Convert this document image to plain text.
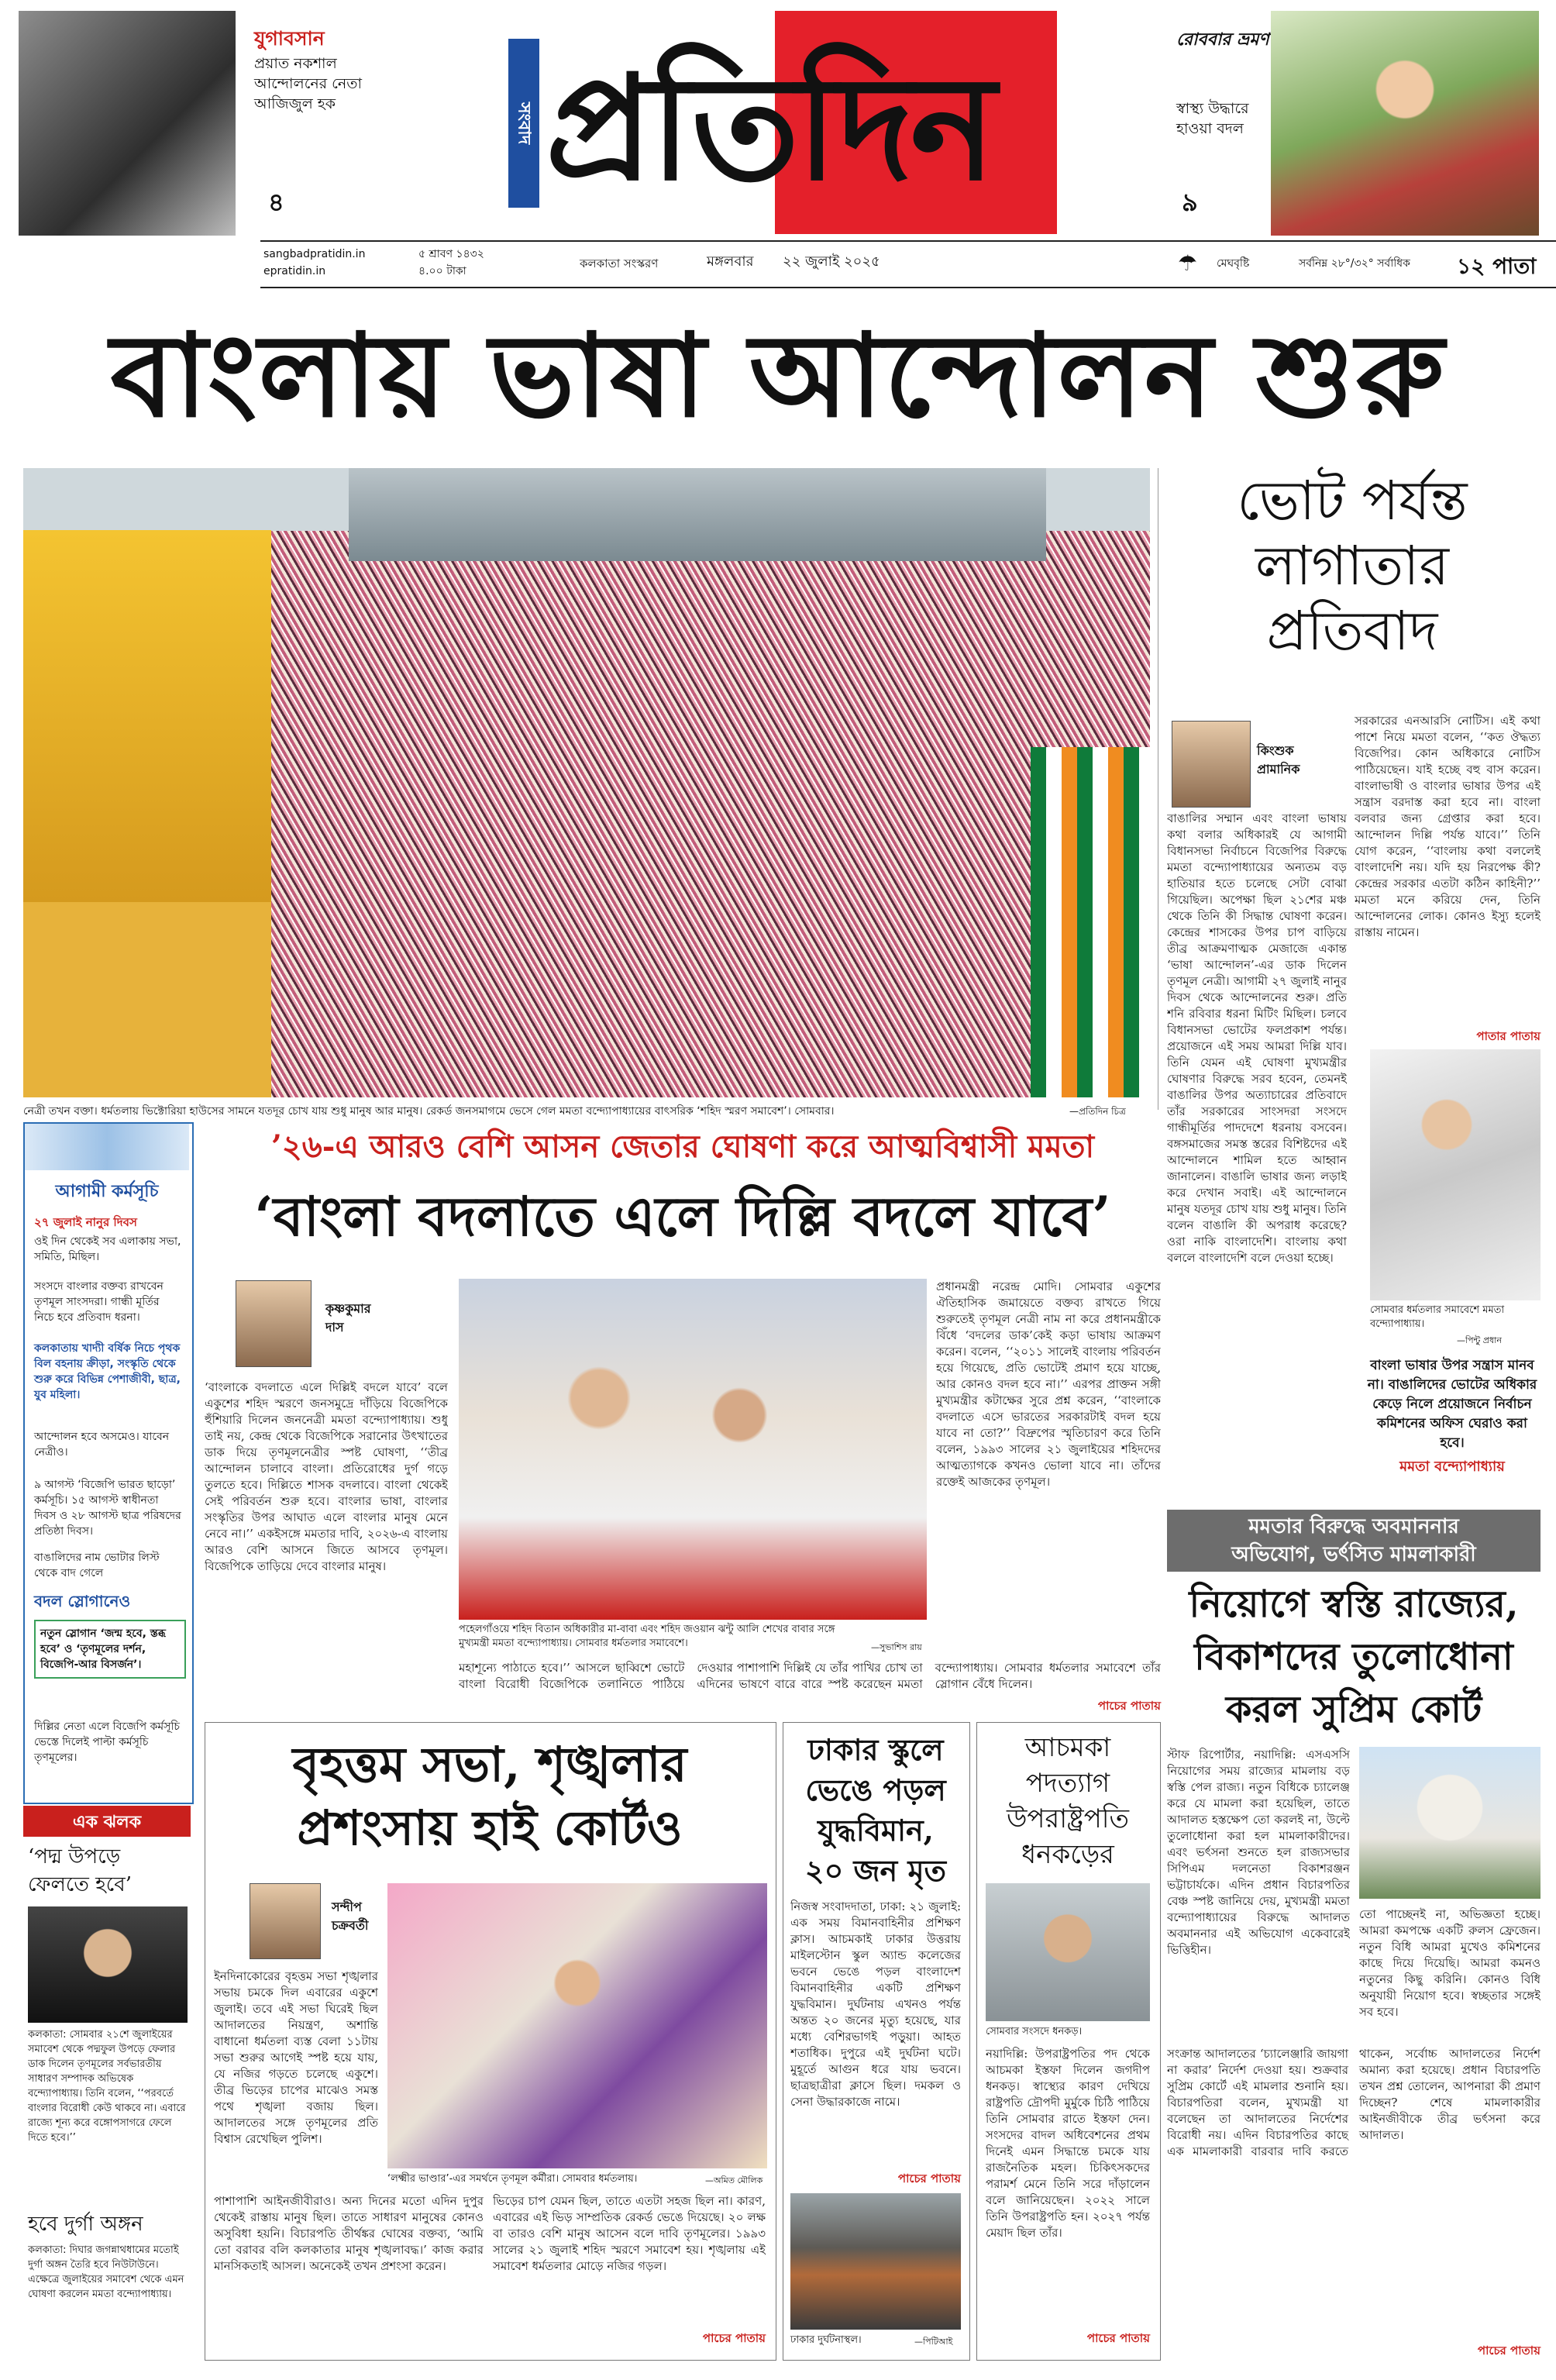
যুগাবসান
প্রয়াত নকশাল
আন্দোলনের নেতা
আজিজুল হক
৪
সংবাদ প্রতিদিন
রোববার ভ্রমণ
স্বাস্থ্য উদ্ধারে
হাওয়া বদল
৯
sangbadpratidin.in
epratidin.in
৫ শ্রাবণ ১৪৩২
৪.০০ টাকা
কলকাতা সংস্করণ	মঙ্গলবার ২২ জুলাই ২০২৫	☂ মেঘবৃষ্টি	সর্বনিম্ন ২৮°/৩২° সর্বাধিক ১২ পাতা
বাংলায় ভাষা আন্দোলন শুরু
নেত্রী তখন বক্তা। ধর্মতলায় ভিক্টোরিয়া হাউসের সামনে যতদূর চোখ যায় শুধু মানুষ আর মানুষ। রেকর্ড জনসমাগমে ভেসে গেল মমতা বন্দ্যোপাধ্যায়ের বাৎসরিক ‘শহিদ স্মরণ সমাবেশ’। সোমবার।	—প্রতিদিন চিত্র
ভোট পর্যন্ত
লাগাতার
প্রতিবাদ
কিংশুক
প্রামানিক
সরকারের এনআরসি নোটিস। এই কথা পাশে নিয়ে মমতা বলেন, ‘‘কত ঔদ্ধত্য বিজেপির। কোন অধিকারে নোটিস পাঠিয়েছেন। যাই হচ্ছে বহু বাস করেন। বাংলাভাষী ও বাংলার ভাষার উপর এই সন্ত্রাস বরদাস্ত করা হবে না। বাংলা বলবার জন্য গ্রেপ্তার করা হবে। আন্দোলন দিল্লি পর্যন্ত যাবে।’’ তিনি যোগ করেন, ‘‘বাংলায় কথা বললেই বাংলাদেশি নয়। যদি হয় নিরপেক্ষ কী? কেন্দ্রের সরকার এতটা কঠিন কাহিনী?’’ মমতা মনে করিয়ে দেন, তিনি আন্দোলনের লোক। কোনও ইস্যু হলেই রাস্তায় নামেন।
বাঙালির সম্মান এবং বাংলা ভাষায় কথা বলার অধিকারই যে আগামী বিধানসভা নির্বাচনে বিজেপির বিরুদ্ধে মমতা বন্দ্যোপাধ্যায়ের অন্যতম বড় হাতিয়ার হতে চলেছে সেটা বোঝা গিয়েছিল। অপেক্ষা ছিল ২১শের মঞ্চ থেকে তিনি কী সিদ্ধান্ত ঘোষণা করেন। কেন্দ্রের শাসকের উপর চাপ বাড়িয়ে তীব্র আক্রমণাত্মক মেজাজে একান্ত ‘ভাষা আন্দোলন’-এর ডাক দিলেন তৃণমূল নেত্রী। আগামী ২৭ জুলাই নানুর দিবস থেকে আন্দোলনের শুরু। প্রতি শনি রবিবার ধরনা মিটিং মিছিল। চলবে বিধানসভা ভোটের ফলপ্রকাশ পর্যন্ত। প্রয়োজনে এই সময় আমরা দিল্লি যাব। তিনি যেমন এই ঘোষণা মুখ্যমন্ত্রীর ঘোষণার বিরুদ্ধে সরব হবেন, তেমনই বাঙালির উপর অত্যাচারের প্রতিবাদে তাঁর সরকারের সাংসদরা সংসদে গান্ধীমূর্তির পাদদেশে ধরনায় বসবেন। বঙ্গসমাজের সমস্ত স্তরের বিশিষ্টদের এই আন্দোলনে শামিল হতে আহ্বান জানালেন। বাঙালি ভাষার জন্য লড়াই করে দেখান সবাই। এই আন্দোলনে মানুষ যতদূর চোখ যায় শুধু মানুষ। তিনি বলেন বাঙালি কী অপরাধ করেছে? ওরা নাকি বাংলাদেশি। বাংলায় কথা বললে বাংলাদেশি বলে দেওয়া হচ্ছে।
পাতার পাতায়
সোমবার ধর্মতলার সমাবেশে মমতা বন্দ্যোপাধ্যায়।
—পিন্টু প্রধান
বাংলা ভাষার উপর সন্ত্রাস মানব না। বাঙালিদের ভোটের অধিকার কেড়ে নিলে প্রয়োজনে নির্বাচন কমিশনের অফিস ঘেরাও করা হবে।
মমতা বন্দ্যোপাধ্যায়
আগামী কর্মসূচি
২৭ জুলাই নানুর দিবস
ওই দিন থেকেই সব এলাকায় সভা, সমিতি, মিছিল।
সংসদে বাংলার বক্তব্য রাখবেন তৃণমূল সাংসদরা। গান্ধী মূর্তির নিচে হবে প্রতিবাদ ধরনা।
কলকাতায় খাদ্যী বর্ষিক নিচে পৃথক বিল বহনায় ক্রীড়া, সংস্কৃতি থেকে শুরু করে বিভিন্ন পেশাজীবী, ছাত্র, যুব মহিলা।
আন্দোলন হবে অসমেও। যাবেন নেত্রীও।
৯ আগস্ট ‘বিজেপি ভারত ছাড়ো’ কর্মসূচি। ১৫ আগস্ট স্বাধীনতা দিবস ও ২৮ আগস্ট ছাত্র পরিষদের প্রতিষ্ঠা দিবস।
বাঙালিদের নাম ভোটার লিস্ট থেকে বাদ গেলে
বদল স্লোগানেও
নতুন স্লোগান ‘জন্ম হবে, স্তব্ধ হবে’ ও ‘তৃণমূলের দর্শন, বিজেপি-আর বিসর্জন’।
দিল্লির নেতা এলে বিজেপি কর্মসূচি ভেস্তে দিলেই পাল্টা কর্মসূচি তৃণমূলের।
এক ঝলক
‘পদ্ম উপড়ে ফেলতে হবে’
কলকাতা: সোমবার ২১শে জুলাইয়ের সমাবেশ থেকে পদ্মফুল উপড়ে ফেলার ডাক দিলেন তৃণমূলের সর্বভারতীয় সাধারণ সম্পাদক অভিষেক বন্দ্যোপাধ্যায়। তিনি বলেন, ‘‘পরবর্তে বাংলার বিরোধী কেউ থাকবে না। এবারে রাজ্যে শূন্য করে বঙ্গোপসাগরে ফেলে দিতে হবে।’’
হবে দুর্গা অঙ্গন
কলকাতা: দিঘার জগন্নাথধামের মতোই দুর্গা অঙ্গন তৈরি হবে নিউটাউনে। এক্ষেত্রে জুলাইয়ের সমাবেশ থেকে এমন ঘোষণা করলেন মমতা বন্দ্যোপাধ্যায়।
’২৬-এ আরও বেশি আসন জেতার ঘোষণা করে আত্মবিশ্বাসী মমতা
‘বাংলা বদলাতে এলে দিল্লি বদলে যাবে’
কৃষ্ণকুমার
দাস
‘বাংলাকে বদলাতে এলে দিল্লিই বদলে যাবে’ বলে একুশের শহিদ স্মরণে জনসমুদ্রে দাঁড়িয়ে বিজেপিকে হুঁশিয়ারি দিলেন জননেত্রী মমতা বন্দ্যোপাধ্যায়। শুধু তাই নয়, কেন্দ্র থেকে বিজেপিকে সরানোর উৎখাতের ডাক দিয়ে তৃণমূলনেত্রীর স্পষ্ট ঘোষণা, ‘‘তীব্র আন্দোলন চালাবে বাংলা। প্রতিরোধের দুর্গ গড়ে তুলতে হবে। দিল্লিতে শাসক বদলাবে। বাংলা থেকেই সেই পরিবর্তন শুরু হবে। বাংলার ভাষা, বাংলার সংস্কৃতির উপর আঘাত এলে বাংলার মানুষ মেনে নেবে না।’’ একইসঙ্গে মমতার দাবি, ২০২৬-এ বাংলায় আরও বেশি আসনে জিতে আসবে তৃণমূল। বিজেপিকে তাড়িয়ে দেবে বাংলার মানুষ।
পহেলগাঁওয়ে শহিদ বিতান অধিকারীর মা-বাবা এবং শহিদ জওয়ান ঝন্টু আলি শেখের বাবার সঙ্গে মুখ্যমন্ত্রী মমতা বন্দ্যোপাধ্যায়। সোমবার ধর্মতলার সমাবেশে।	—সুভাশিস রায়
প্রধানমন্ত্রী নরেন্দ্র মোদি। সোমবার একুশের ঐতিহাসিক জমায়েতে বক্তব্য রাখতে গিয়ে শুরুতেই তৃণমূল নেত্রী নাম না করে প্রধানমন্ত্রীকে বিঁধে ‘বদলের ডাক’কেই কড়া ভাষায় আক্রমণ করেন। বলেন, ‘‘২০১১ সালেই বাংলায় পরিবর্তন হয়ে গিয়েছে, প্রতি ভোটেই প্রমাণ হয়ে যাচ্ছে, আর কোনও বদল হবে না।’’ এরপর প্রাক্তন সঙ্গী মুখ্যমন্ত্রীর কটাক্ষের সুরে প্রশ্ন করেন, ‘‘বাংলাকে বদলাতে এসে ভারতের সরকারটাই বদল হয়ে যাবে না তো?’’ বিদ্রুপের স্মৃতিচারণ করে তিনি বলেন, ১৯৯৩ সালের ২১ জুলাইয়ের শহিদদের আত্মত্যাগকে কখনও ভোলা যাবে না। তাঁদের রক্তেই আজকের তৃণমূল।
মহাশূন্যে পাঠাতে হবে।’’ আসলে ছাব্বিশে ভোটে বাংলা বিরোধী বিজেপিকে তলানিতে পাঠিয়ে দেওয়ার পাশাপাশি দিল্লিই যে তাঁর পাখির চোখ তা এদিনের ভাষণে বারে বারে স্পষ্ট করেছেন মমতা বন্দ্যোপাধ্যায়। সোমবার ধর্মতলার সমাবেশে তাঁর স্লোগান বেঁধে দিলেন।
পাচের পাতায়
মমতার বিরুদ্ধে অবমাননার
অভিযোগ, ভর্ৎসিত মামলাকারী
নিয়োগে স্বস্তি রাজ্যের,
বিকাশদের তুলোধোনা
করল সুপ্রিম কোর্ট
স্টাফ রিপোর্টার, নয়াদিল্লি: এসএসসি নিয়োগের সময় রাজ্যের মামলায় বড় স্বস্তি পেল রাজ্য। নতুন বিধিকে চ্যালেঞ্জ করে যে মামলা করা হয়েছিল, তাতে আদালত হস্তক্ষেপ তো করলই না, উল্টে তুলোধোনা করা হল মামলাকারীদের। এবং ভর্ৎসনা শুনতে হল রাজ্যসভার সিপিএম দলনেতা বিকাশরঞ্জন ভট্টাচার্যকে। এদিন প্রধান বিচারপতির বেঞ্চ স্পষ্ট জানিয়ে দেয়, মুখ্যমন্ত্রী মমতা বন্দ্যোপাধ্যায়ের বিরুদ্ধে আদালত অবমাননার এই অভিযোগ একেবারেই ভিত্তিহীন।
তো পাচ্ছেনই না, অভিজ্ঞতা হচ্ছে। আমরা কমপক্ষে একটি রুলস ফ্রেজেন। নতুন বিধি আমরা মুখেও কমিশনের কাছে দিয়ে দিয়েছি। আমরা কমনও নতুনের কিছু করিনি। কোনও বিধি অনুযায়ী নিয়োগ হবে। স্বচ্ছতার সঙ্গেই সব হবে।
সংক্রান্ত আদালতের ‘চ্যালেঞ্জারি জায়গা না করার’ নির্দেশ দেওয়া হয়। শুক্রবার সুপ্রিম কোর্টে এই মামলার শুনানি হয়। বিচারপতিরা বলেন, মুখ্যমন্ত্রী যা বলেছেন তা আদালতের নির্দেশের বিরোধী নয়। এদিন বিচারপতির কাছে এক মামলাকারী বারবার দাবি করতে থাকেন, সর্বোচ্চ আদালতের নির্দেশ অমান্য করা হয়েছে। প্রধান বিচারপতি তখন প্রশ্ন তোলেন, আপনারা কী প্রমাণ দিচ্ছেন? শেষে মামলাকারীর আইনজীবীকে তীব্র ভর্ৎসনা করে আদালত।
পাচের পাতায়
বৃহত্তম সভা, শৃঙ্খলার
প্রশংসায় হাই কোর্টও
সন্দীপ
চক্রবর্তী
ইনদিনাকোরের বৃহত্তম সভা শৃঙ্খলার সভায় চমকে দিল এবারের একুশে জুলাই। তবে এই সভা ঘিরেই ছিল আদালতের নিয়ন্ত্রণ, অশান্তি বাধানো ধর্মতলা ব্যস্ত বেলা ১১টায় সভা শুরুর আগেই স্পষ্ট হয়ে যায়, যে নজির গড়তে চলেছে একুশে। তীব্র ভিড়ের চাপের মাঝেও সমস্ত পথে শৃঙ্খলা বজায় ছিল। আদালতের সঙ্গে তৃণমূলের প্রতি বিশ্বাস রেখেছিল পুলিশ।
‘লক্ষ্মীর ভাণ্ডার’-এর সমর্থনে তৃণমূল কর্মীরা। সোমবার ধর্মতলায়।	—অমিত মৌলিক
পাশাপাশি আইনজীবীরাও। অন্য দিনের মতো এদিন দুপুর থেকেই রাস্তায় মানুষ ছিল। তাতে সাধারণ মানুষের কোনও অসুবিধা হয়নি। বিচারপতি তীর্থঙ্কর ঘোষের বক্তব্য, ‘আমি তো বরাবর বলি কলকাতার মানুষ শৃঙ্খলাবদ্ধ।’ কাজ করার মানসিকতাই আসল। অনেকেই তখন প্রশংসা করেন।
ভিড়ের চাপ যেমন ছিল, তাতে এতটা সহজ ছিল না। কারণ, এবারের এই ভিড় সাম্প্রতিক রেকর্ড ভেঙে দিয়েছে। ২০ লক্ষ বা তারও বেশি মানুষ আসেন বলে দাবি তৃণমূলের। ১৯৯৩ সালের ২১ জুলাই শহিদ স্মরণে সমাবেশ হয়। শৃঙ্খলায় এই সমাবেশ ধর্মতলার মোড়ে নজির গড়ল।
পাচের পাতায়
ঢাকার স্কুলে
ভেঙে পড়ল
যুদ্ধবিমান,
২০ জন মৃত
নিজস্ব সংবাদদাতা, ঢাকা: ২১ জুলাই: এক সময় বিমানবাহিনীর প্রশিক্ষণ ক্লাস। আচমকাই ঢাকার উত্তরায় মাইলস্টোন স্কুল অ্যান্ড কলেজের ভবনে ভেঙে পড়ল বাংলাদেশ বিমানবাহিনীর একটি প্রশিক্ষণ যুদ্ধবিমান। দুর্ঘটনায় এখনও পর্যন্ত অন্তত ২০ জনের মৃত্যু হয়েছে, যার মধ্যে বেশিরভাগই পড়ুয়া। আহত শতাধিক। দুপুরে এই দুর্ঘটনা ঘটে। মুহূর্তে আগুন ধরে যায় ভবনে। ছাত্রছাত্রীরা ক্লাসে ছিল। দমকল ও সেনা উদ্ধারকাজে নামে।
পাচের পাতায়
ঢাকার দুর্ঘটনাস্থল।	—পিটিআই
আচমকা
পদত্যাগ
উপরাষ্ট্রপতি
ধনকড়ের
সোমবার সংসদে ধনকড়।
নয়াদিল্লি: উপরাষ্ট্রপতির পদ থেকে আচমকা ইস্তফা দিলেন জগদীপ ধনকড়। স্বাস্থ্যের কারণ দেখিয়ে রাষ্ট্রপতি দ্রৌপদী মুর্মুকে চিঠি পাঠিয়ে তিনি সোমবার রাতে ইস্তফা দেন। সংসদের বাদল অধিবেশনের প্রথম দিনেই এমন সিদ্ধান্তে চমকে যায় রাজনৈতিক মহল। চিকিৎসকদের পরামর্শ মেনে তিনি সরে দাঁড়ালেন বলে জানিয়েছেন। ২০২২ সালে তিনি উপরাষ্ট্রপতি হন। ২০২৭ পর্যন্ত মেয়াদ ছিল তাঁর।
পাচের পাতায়
